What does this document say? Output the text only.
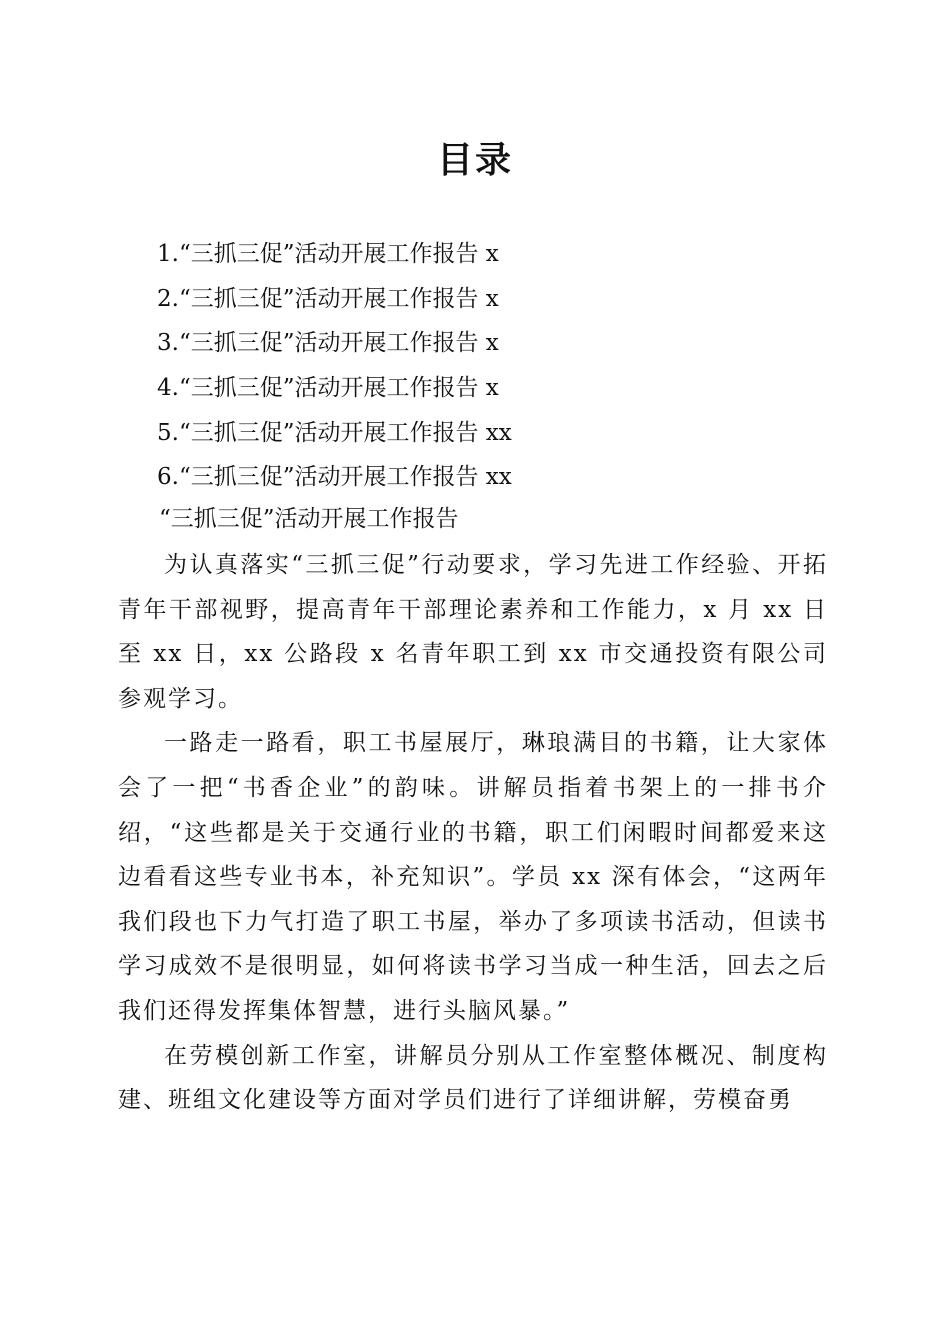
目录
1.“三抓三促”活动开展工作报告 x
2.“三抓三促”活动开展工作报告 x
3.“三抓三促”活动开展工作报告 x
4.“三抓三促”活动开展工作报告 x
5.“三抓三促”活动开展工作报告 xx
6.“三抓三促”活动开展工作报告 xx
“三抓三促”活动开展工作报告

为认真落实“三抓三促”行动要求，学习先进工作经验、开拓青年干部视野，提高青年干部理论素养和工作能力，x 月 xx 日至 xx 日，xx 公路段 x 名青年职工到 xx 市交通投资有限公司参观学习。

一路走一路看，职工书屋展厅，琳琅满目的书籍，让大家体会了一把“书香企业”的韵味。讲解员指着书架上的一排书介绍，“这些都是关于交通行业的书籍，职工们闲暇时间都爱来这边看看这些专业书本，补充知识”。学员 xx 深有体会，“这两年我们段也下力气打造了职工书屋，举办了多项读书活动，但读书学习成效不是很明显，如何将读书学习当成一种生活，回去之后我们还得发挥集体智慧，进行头脑风暴。”

在劳模创新工作室，讲解员分别从工作室整体概况、制度构建、班组文化建设等方面对学员们进行了详细讲解，劳模奋勇
